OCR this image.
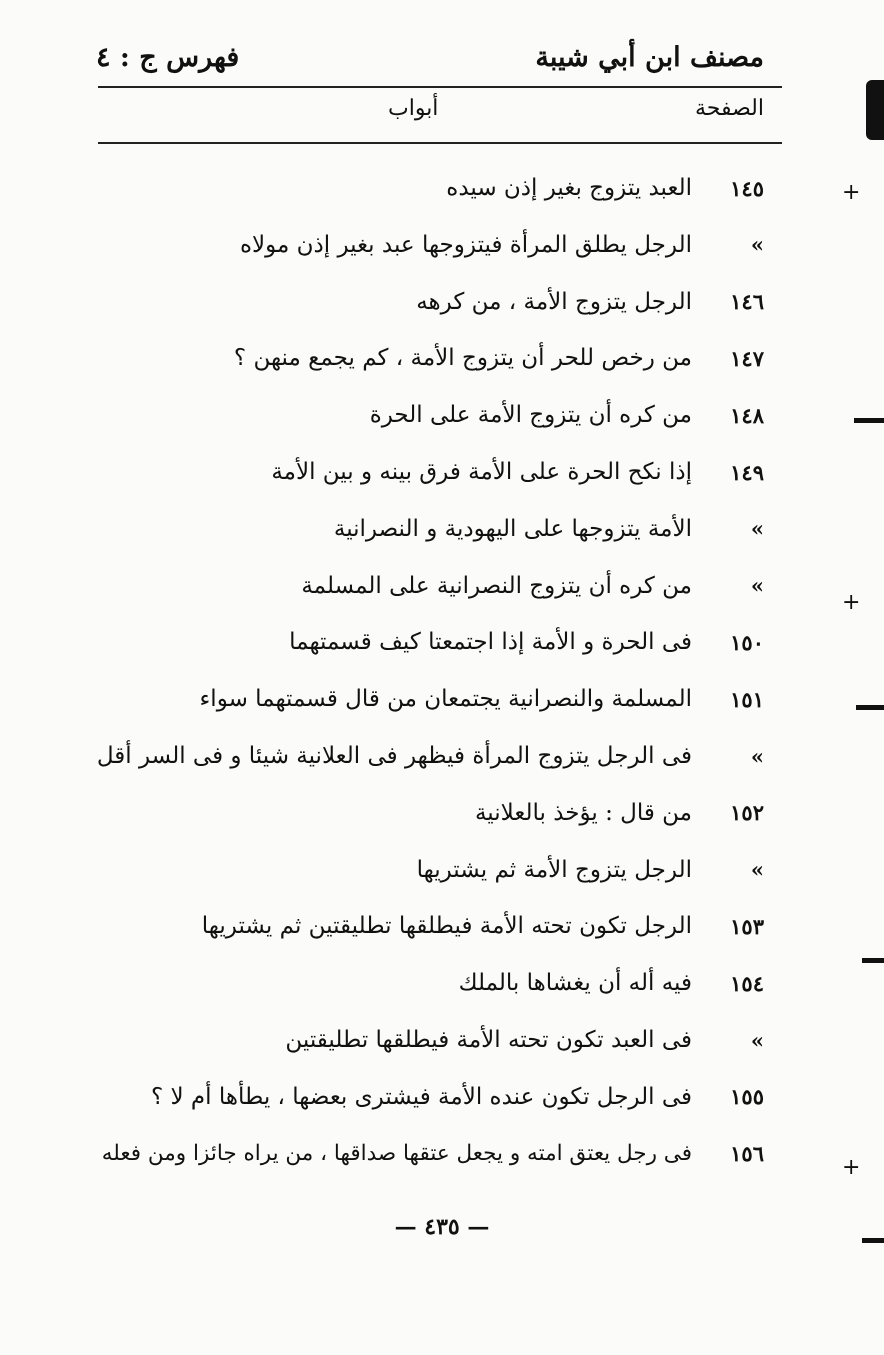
مصنف ابن أبي شيبة
فهرس ج : ٤
الصفحة
أبواب
١٤٥
العبد يتزوج بغير إذن سيده
»
الرجل يطلق المرأة فيتزوجها عبد بغير إذن مولاه
١٤٦
الرجل يتزوج الأمة ، من كرهه
١٤٧
من رخص للحر أن يتزوج الأمة ، كم يجمع منهن ؟
١٤٨
من كره أن يتزوج الأمة على الحرة
١٤٩
إذا نكح الحرة على الأمة فرق بينه و بين الأمة
»
الأمة يتزوجها على اليهودية و النصرانية
»
من كره أن يتزوج النصرانية على المسلمة
١٥٠
فى الحرة و الأمة إذا اجتمعتا كيف قسمتهما
١٥١
المسلمة والنصرانية يجتمعان من قال قسمتهما سواء
»
فى الرجل يتزوج المرأة فيظهر فى العلانية شيئا و فى السر أقل
١٥٢
من قال : يؤخذ بالعلانية
»
الرجل يتزوج الأمة ثم يشتريها
١٥٣
الرجل تكون تحته الأمة فيطلقها تطليقتين ثم يشتريها
١٥٤
فيه أله أن يغشاها بالملك
»
فى العبد تكون تحته الأمة فيطلقها تطليقتين
١٥٥
فى الرجل تكون عنده الأمة فيشترى بعضها ، يطأها أم لا ؟
١٥٦
فى رجل يعتق امته و يجعل عتقها صداقها ، من يراه جائزا ومن فعله
— ٤٣٥ —
+
+
+
